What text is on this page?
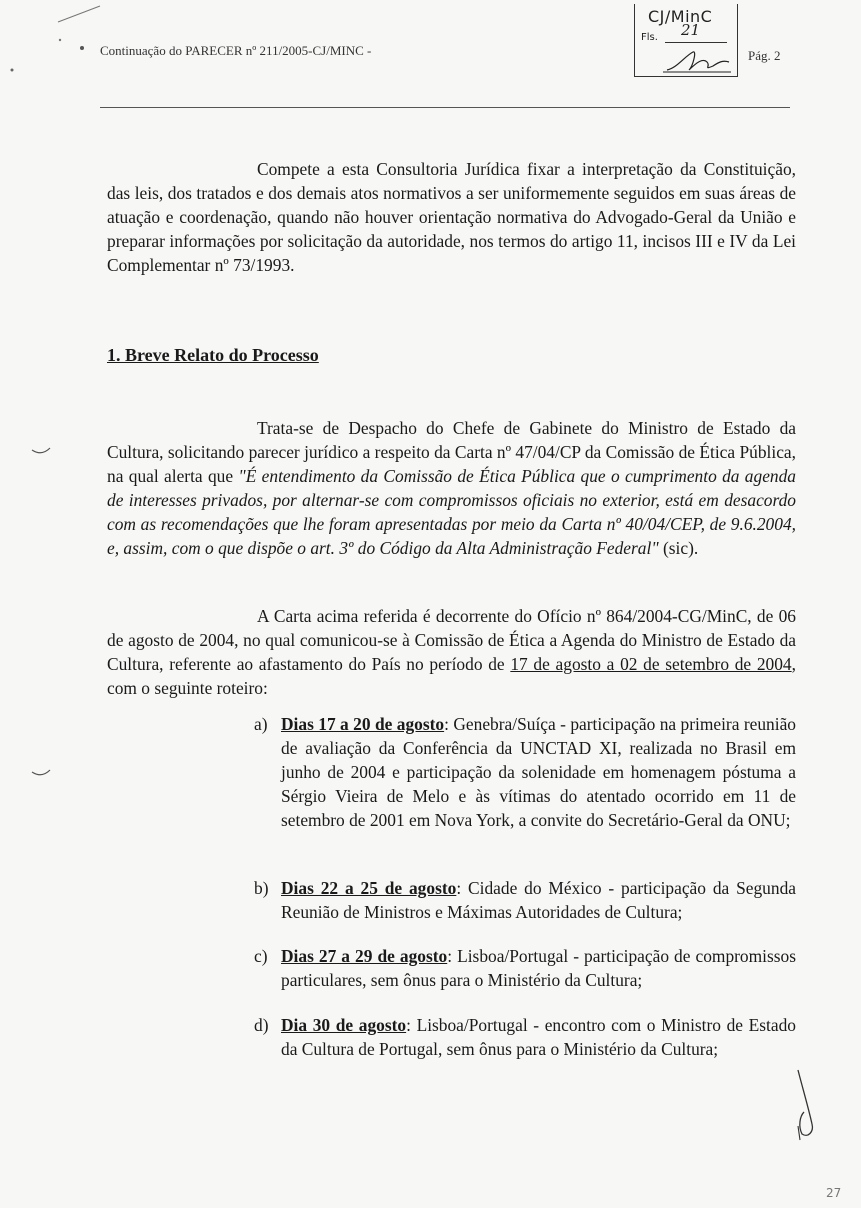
Continuação do PARECER nº 211/2005-CJ/MINC -
CJ/MinC
Fls. 21
Pág. 2

Compete a esta Consultoria Jurídica fixar a interpretação da Constituição, das leis, dos tratados e dos demais atos normativos a ser uniformemente seguidos em suas áreas de atuação e coordenação, quando não houver orientação normativa do Advogado-Geral da União e preparar informações por solicitação da autoridade, nos termos do artigo 11, incisos III e IV da Lei Complementar nº 73/1993.

1. Breve Relato do Processo

Trata-se de Despacho do Chefe de Gabinete do Ministro de Estado da Cultura, solicitando parecer jurídico a respeito da Carta nº 47/04/CP da Comissão de Ética Pública, na qual alerta que "É entendimento da Comissão de Ética Pública que o cumprimento da agenda de interesses privados, por alternar-se com compromissos oficiais no exterior, está em desacordo com as recomendações que lhe foram apresentadas por meio da Carta nº 40/04/CEP, de 9.6.2004, e, assim, com o que dispõe o art. 3º do Código da Alta Administração Federal" (sic).

A Carta acima referida é decorrente do Ofício nº 864/2004-CG/MinC, de 06 de agosto de 2004, no qual comunicou-se à Comissão de Ética a Agenda do Ministro de Estado da Cultura, referente ao afastamento do País no período de 17 de agosto a 02 de setembro de 2004, com o seguinte roteiro:

a) Dias 17 a 20 de agosto: Genebra/Suíça - participação na primeira reunião de avaliação da Conferência da UNCTAD XI, realizada no Brasil em junho de 2004 e participação da solenidade em homenagem póstuma a Sérgio Vieira de Melo e às vítimas do atentado ocorrido em 11 de setembro de 2001 em Nova York, a convite do Secretário-Geral da ONU;
b) Dias 22 a 25 de agosto: Cidade do México - participação da Segunda Reunião de Ministros e Máximas Autoridades de Cultura;
c) Dias 27 a 29 de agosto: Lisboa/Portugal - participação de compromissos particulares, sem ônus para o Ministério da Cultura;
d) Dia 30 de agosto: Lisboa/Portugal - encontro com o Ministro de Estado da Cultura de Portugal, sem ônus para o Ministério da Cultura;
27
